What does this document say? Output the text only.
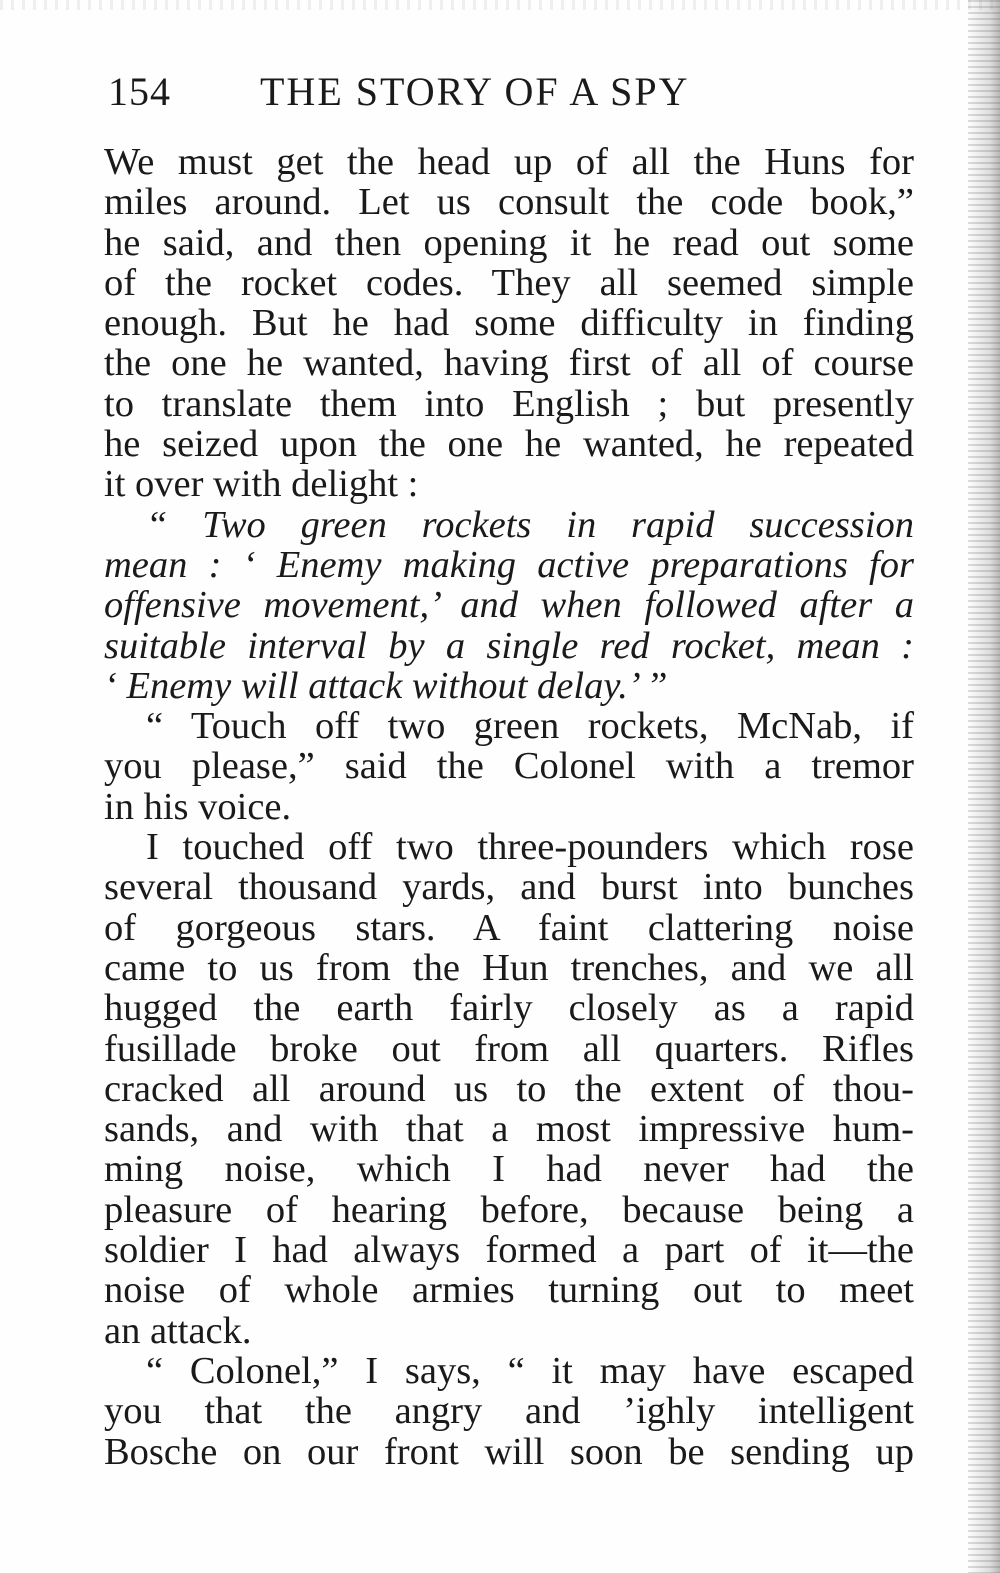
154 THE STORY OF A SPY
We must get the head up of all the Huns for
miles around. Let us consult the code book,”
he said, and then opening it he read out some
of the rocket codes. They all seemed simple
enough. But he had some difficulty in finding
the one he wanted, having first of all of course
to translate them into English ; but presently
he seized upon the one he wanted, he repeated
it over with delight :
“ Two green rockets in rapid succession
mean : ‘ Enemy making active preparations for
offensive movement,’ and when followed after a
suitable interval by a single red rocket, mean :
‘ Enemy will attack without delay.’ ”
“ Touch off two green rockets, McNab, if
you please,” said the Colonel with a tremor
in his voice.
I touched off two three-pounders which rose
several thousand yards, and burst into bunches
of gorgeous stars. A faint clattering noise
came to us from the Hun trenches, and we all
hugged the earth fairly closely as a rapid
fusillade broke out from all quarters. Rifles
cracked all around us to the extent of thou-
sands, and with that a most impressive hum-
ming noise, which I had never had the
pleasure of hearing before, because being a
soldier I had always formed a part of it—the
noise of whole armies turning out to meet
an attack.
“ Colonel,” I says, “ it may have escaped
you that the angry and ’ighly intelligent
Bosche on our front will soon be sending up
